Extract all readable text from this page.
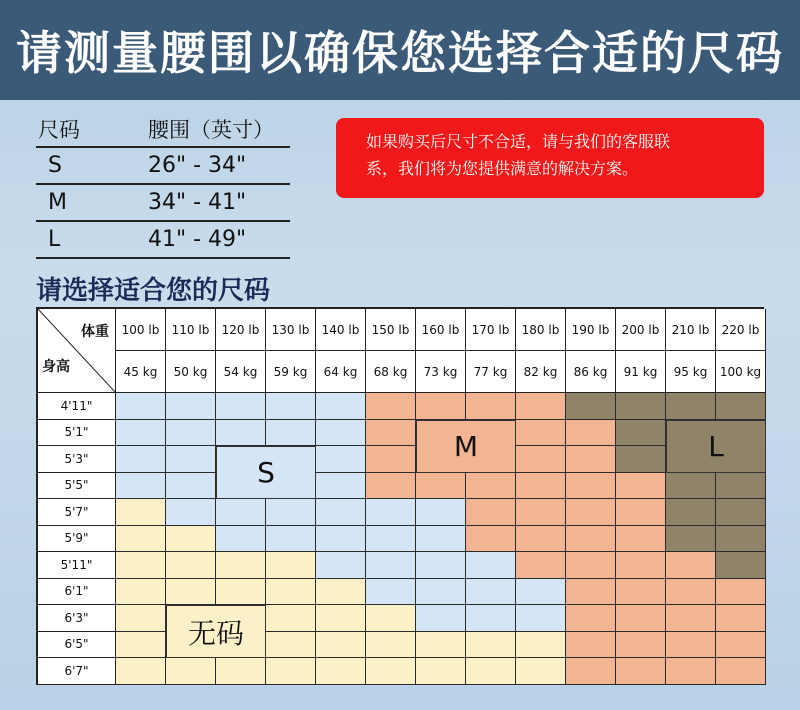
请测量腰围以确保您选择合适的尺码
尺码	腰围（英寸）
S	26" - 34"
M	34" - 41"
L	41" - 49"
如果购买后尺寸不合适，请与我们的客服联
系，我们将为您提供满意的解决方案。
请选择适合您的尺码
体重
身高
100 lb	110 lb	120 lb	130 lb	140 lb	150 lb	160 lb	170 lb	180 lb	190 lb	200 lb	210 lb	220 lb
45 kg	50 kg	54 kg	59 kg	64 kg	68 kg	73 kg	77 kg	82 kg	86 kg	91 kg	95 kg	100 kg
4'11"
5'1"
5'3"
5'5"
5'7"
5'9"
5'11"
6'1"
6'3"
6'5"
6'7"
S
M	L
无码
